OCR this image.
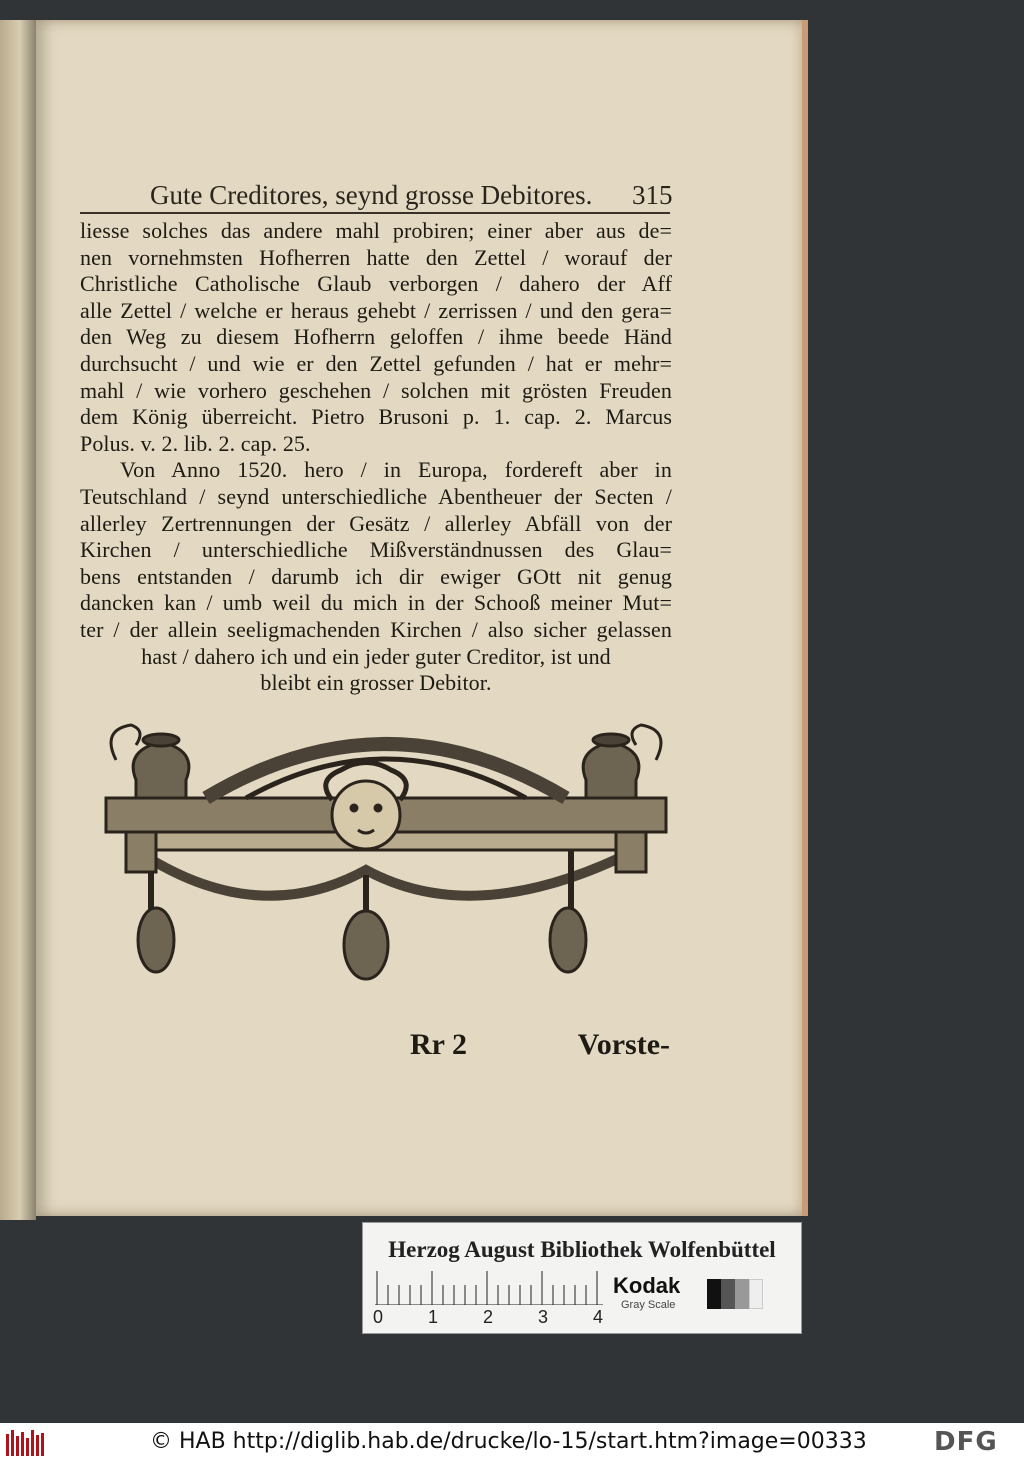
Gute Creditores, seynd grosse Debitores. 315
liesse solches das andere mahl probiren; einer aber aus de=
nen vornehmsten Hofherren hatte den Zettel / worauf der
Christliche Catholische Glaub verborgen / dahero der Aff
alle Zettel / welche er heraus gehebt / zerrissen / und den gera=
den Weg zu diesem Hofherrn geloffen / ihme beede Händ
durchsucht / und wie er den Zettel gefunden / hat er mehr=
mahl / wie vorhero geschehen / solchen mit grösten Freuden
dem König überreicht. Pietro Brusoni p. 1. cap. 2. Marcus
Polus. v. 2. lib. 2. cap. 25.
Von Anno 1520. hero / in Europa, fordereft aber in
Teutschland / seynd unterschiedliche Abentheuer der Secten /
allerley Zertrennungen der Gesätz / allerley Abfäll von der
Kirchen / unterschiedliche Mißverständnussen des Glau=
bens entstanden / darumb ich dir ewiger GOtt nit genug
dancken kan / umb weil du mich in der Schooß meiner Mut=
ter / der allein seeligmachenden Kirchen / also sicher gelassen
hast / dahero ich und ein jeder guter Creditor, ist und
bleibt ein grosser Debitor.
Rr 2	Vorste-
Herzog August Bibliothek Wolfenbüttel
0 1 2 3 4
Kodak
Gray Scale
© HAB http://diglib.hab.de/drucke/lo-15/start.htm?image=00333	DFG
